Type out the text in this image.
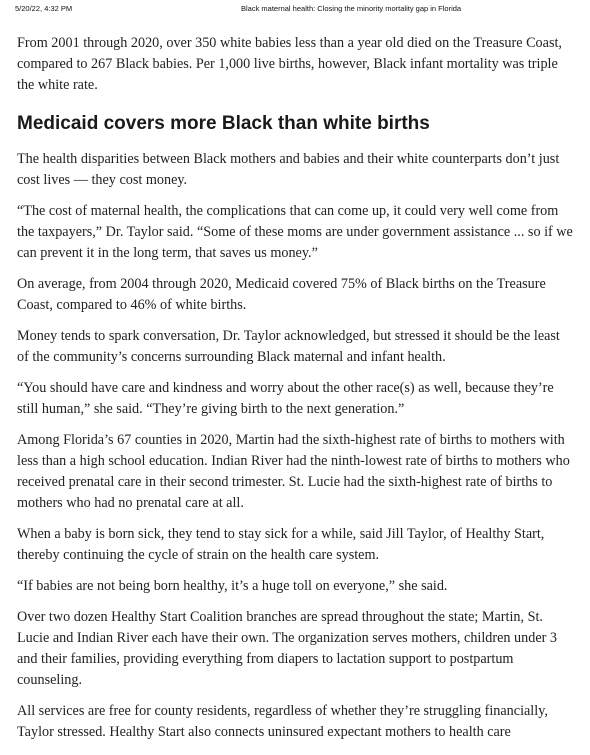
5/20/22, 4:32 PM	Black maternal health: Closing the minority mortality gap in Florida

From 2001 through 2020, over 350 white babies less than a year old died on the Treasure Coast, compared to 267 Black babies. Per 1,000 live births, however, Black infant mortality was triple the white rate.

Medicaid covers more Black than white births

The health disparities between Black mothers and babies and their white counterparts don’t just cost lives — they cost money.

“The cost of maternal health, the complications that can come up, it could very well come from the taxpayers,” Dr. Taylor said. “Some of these moms are under government assistance ... so if we can prevent it in the long term, that saves us money.”

On average, from 2004 through 2020, Medicaid covered 75% of Black births on the Treasure Coast, compared to 46% of white births.

Money tends to spark conversation, Dr. Taylor acknowledged, but stressed it should be the least of the community’s concerns surrounding Black maternal and infant health.

“You should have care and kindness and worry about the other race(s) as well, because they’re still human,” she said. “They’re giving birth to the next generation.”

Among Florida’s 67 counties in 2020, Martin had the sixth-highest rate of births to mothers with less than a high school education. Indian River had the ninth-lowest rate of births to mothers who received prenatal care in their second trimester. St. Lucie had the sixth-highest rate of births to mothers who had no prenatal care at all.

When a baby is born sick, they tend to stay sick for a while, said Jill Taylor, of Healthy Start, thereby continuing the cycle of strain on the health care system.

“If babies are not being born healthy, it’s a huge toll on everyone,” she said.

Over two dozen Healthy Start Coalition branches are spread throughout the state; Martin, St. Lucie and Indian River each have their own. The organization serves mothers, children under 3 and their families, providing everything from diapers to lactation support to postpartum counseling.

All services are free for county residents, regardless of whether they’re struggling financially, Taylor stressed. Healthy Start also connects uninsured expectant mothers to health care
